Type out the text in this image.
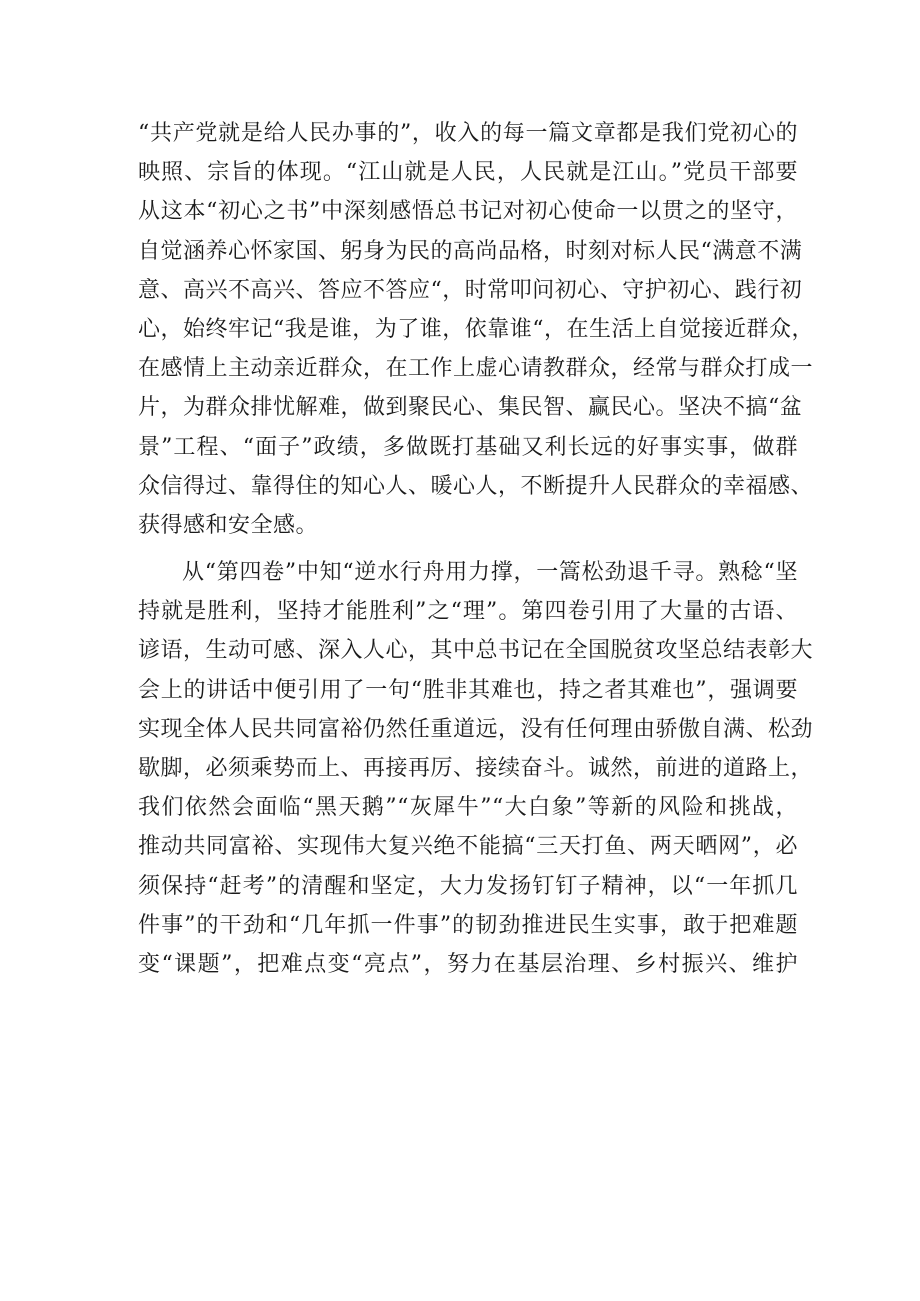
“共产党就是给人民办事的”，收入的每一篇文章都是我们党初心的
映照、宗旨的体现。“江山就是人民，人民就是江山。”党员干部要
从这本“初心之书”中深刻感悟总书记对初心使命一以贯之的坚守，
自觉涵养心怀家国、躬身为民的高尚品格，时刻对标人民“满意不满
意、高兴不高兴、答应不答应“，时常叩问初心、守护初心、践行初
心，始终牢记“我是谁，为了谁，依靠谁“，在生活上自觉接近群众，
在感情上主动亲近群众，在工作上虚心请教群众，经常与群众打成一
片，为群众排忧解难，做到聚民心、集民智、赢民心。坚决不搞“盆
景”工程、“面子”政绩，多做既打基础又利长远的好事实事，做群
众信得过、靠得住的知心人、暖心人，不断提升人民群众的幸福感、
获得感和安全感。
从“第四卷”中知“逆水行舟用力撑，一篙松劲退千寻。熟稔“坚
持就是胜利，坚持才能胜利”之“理”。第四卷引用了大量的古语、
谚语，生动可感、深入人心，其中总书记在全国脱贫攻坚总结表彰大
会上的讲话中便引用了一句“胜非其难也，持之者其难也”，强调要
实现全体人民共同富裕仍然任重道远，没有任何理由骄傲自满、松劲
歇脚，必须乘势而上、再接再厉、接续奋斗。诚然，前进的道路上，
我们依然会面临“黑天鹅”“灰犀牛”“大白象”等新的风险和挑战，
推动共同富裕、实现伟大复兴绝不能搞“三天打鱼、两天晒网”，必
须保持“赶考”的清醒和坚定，大力发扬钉钉子精神，以“一年抓几
件事”的干劲和“几年抓一件事”的韧劲推进民生实事，敢于把难题
变“课题”，把难点变“亮点”，努力在基层治理、乡村振兴、维护
